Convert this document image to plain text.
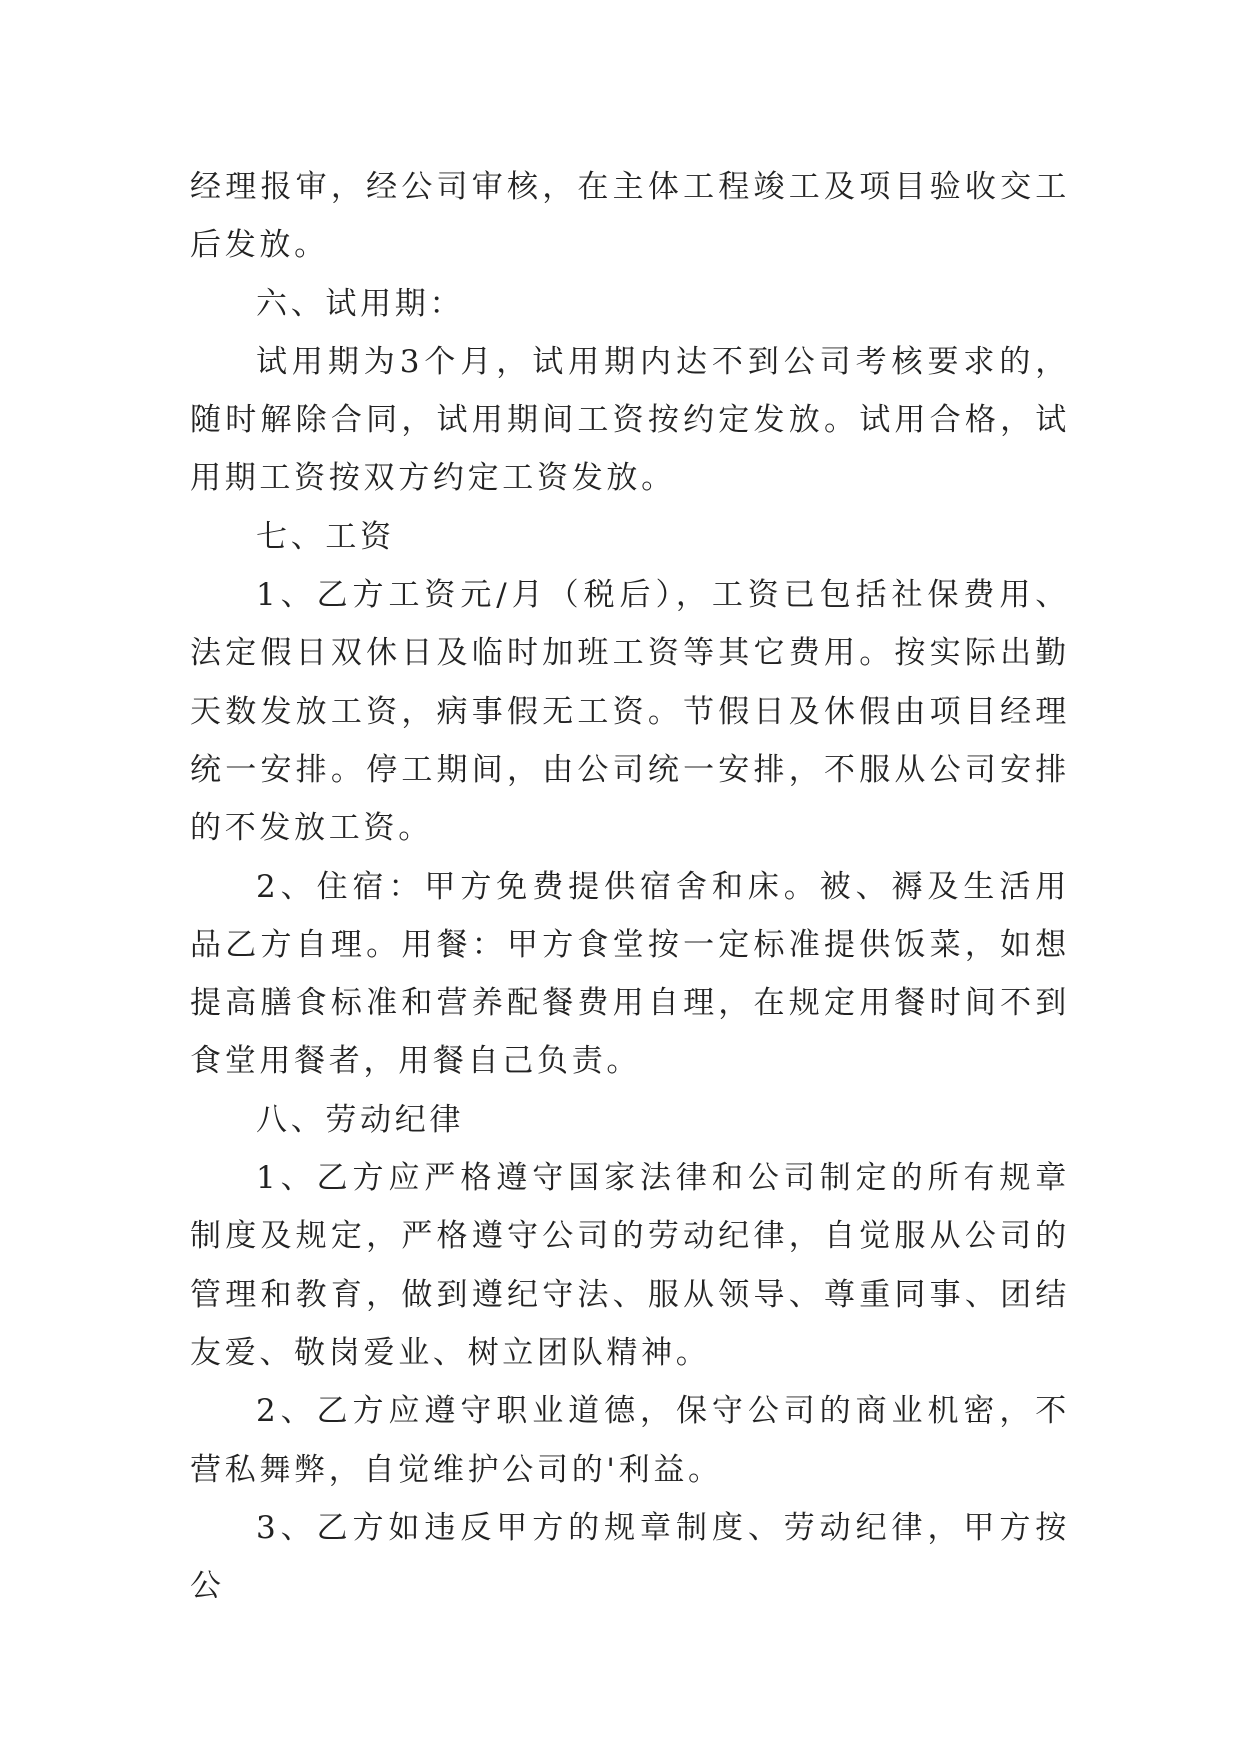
经理报审，经公司审核，在主体工程竣工及项目验收交工后发放。

六、试用期：

试用期为3个月，试用期内达不到公司考核要求的，随时解除合同，试用期间工资按约定发放。试用合格，试用期工资按双方约定工资发放。

七、工资

1、乙方工资元/月（税后），工资已包括社保费用、法定假日双休日及临时加班工资等其它费用。按实际出勤天数发放工资，病事假无工资。节假日及休假由项目经理统一安排。停工期间，由公司统一安排，不服从公司安排的不发放工资。

2、住宿：甲方免费提供宿舍和床。被、褥及生活用品乙方自理。用餐：甲方食堂按一定标准提供饭菜，如想提高膳食标准和营养配餐费用自理，在规定用餐时间不到食堂用餐者，用餐自己负责。

八、劳动纪律

1、乙方应严格遵守国家法律和公司制定的所有规章制度及规定，严格遵守公司的劳动纪律，自觉服从公司的管理和教育，做到遵纪守法、服从领导、尊重同事、团结友爱、敬岗爱业、树立团队精神。

2、乙方应遵守职业道德，保守公司的商业机密，不营私舞弊，自觉维护公司的'利益。

3、乙方如违反甲方的规章制度、劳动纪律，甲方按公
